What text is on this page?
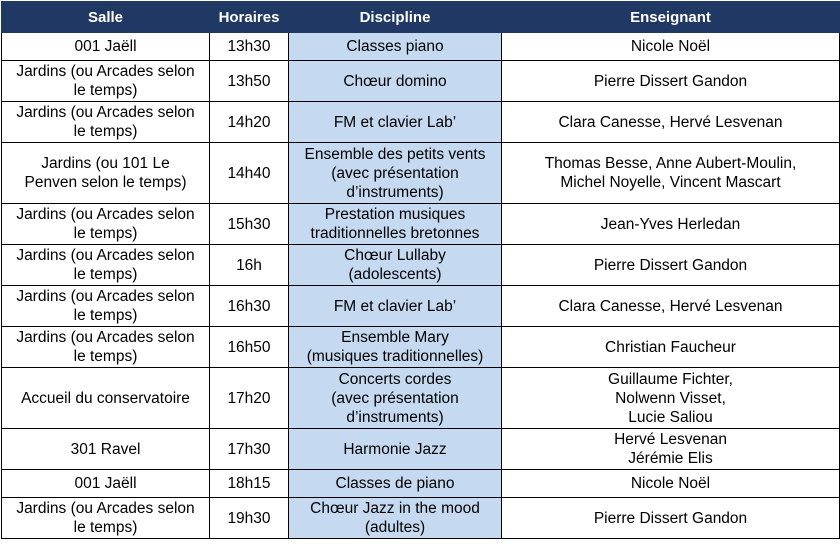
Salle	Horaires	Discipline	Enseignant

001 Jaëll	13h30	Classes piano	Nicole Noël

Jardins (ou Arcades selon
le temps)	13h50	Chœur domino	Pierre Dissert Gandon

Jardins (ou Arcades selon
le temps)	14h20	FM et clavier Lab’	Clara Canesse, Hervé Lesvenan

Jardins (ou 101 Le
Penven selon le temps)	14h40	Ensemble des petits vents
(avec présentation
d’instruments)	Thomas Besse, Anne Aubert-Moulin,
Michel Noyelle, Vincent Mascart

Jardins (ou Arcades selon
le temps)	15h30	Prestation musiques
traditionnelles bretonnes	Jean-Yves Herledan

Jardins (ou Arcades selon
le temps)	16h	Chœur Lullaby
(adolescents)	Pierre Dissert Gandon

Jardins (ou Arcades selon
le temps)	16h30	FM et clavier Lab’	Clara Canesse, Hervé Lesvenan

Jardins (ou Arcades selon
le temps)	16h50	Ensemble Mary
(musiques traditionnelles)	Christian Faucheur

Accueil du conservatoire	17h20	Concerts cordes
(avec présentation
d’instruments)	Guillaume Fichter,
Nolwenn Visset,
Lucie Saliou

301 Ravel	17h30	Harmonie Jazz	Hervé Lesvenan
Jérémie Elis

001 Jaëll	18h15	Classes de piano	Nicole Noël

Jardins (ou Arcades selon
le temps)	19h30	Chœur Jazz in the mood
(adultes)	Pierre Dissert Gandon
